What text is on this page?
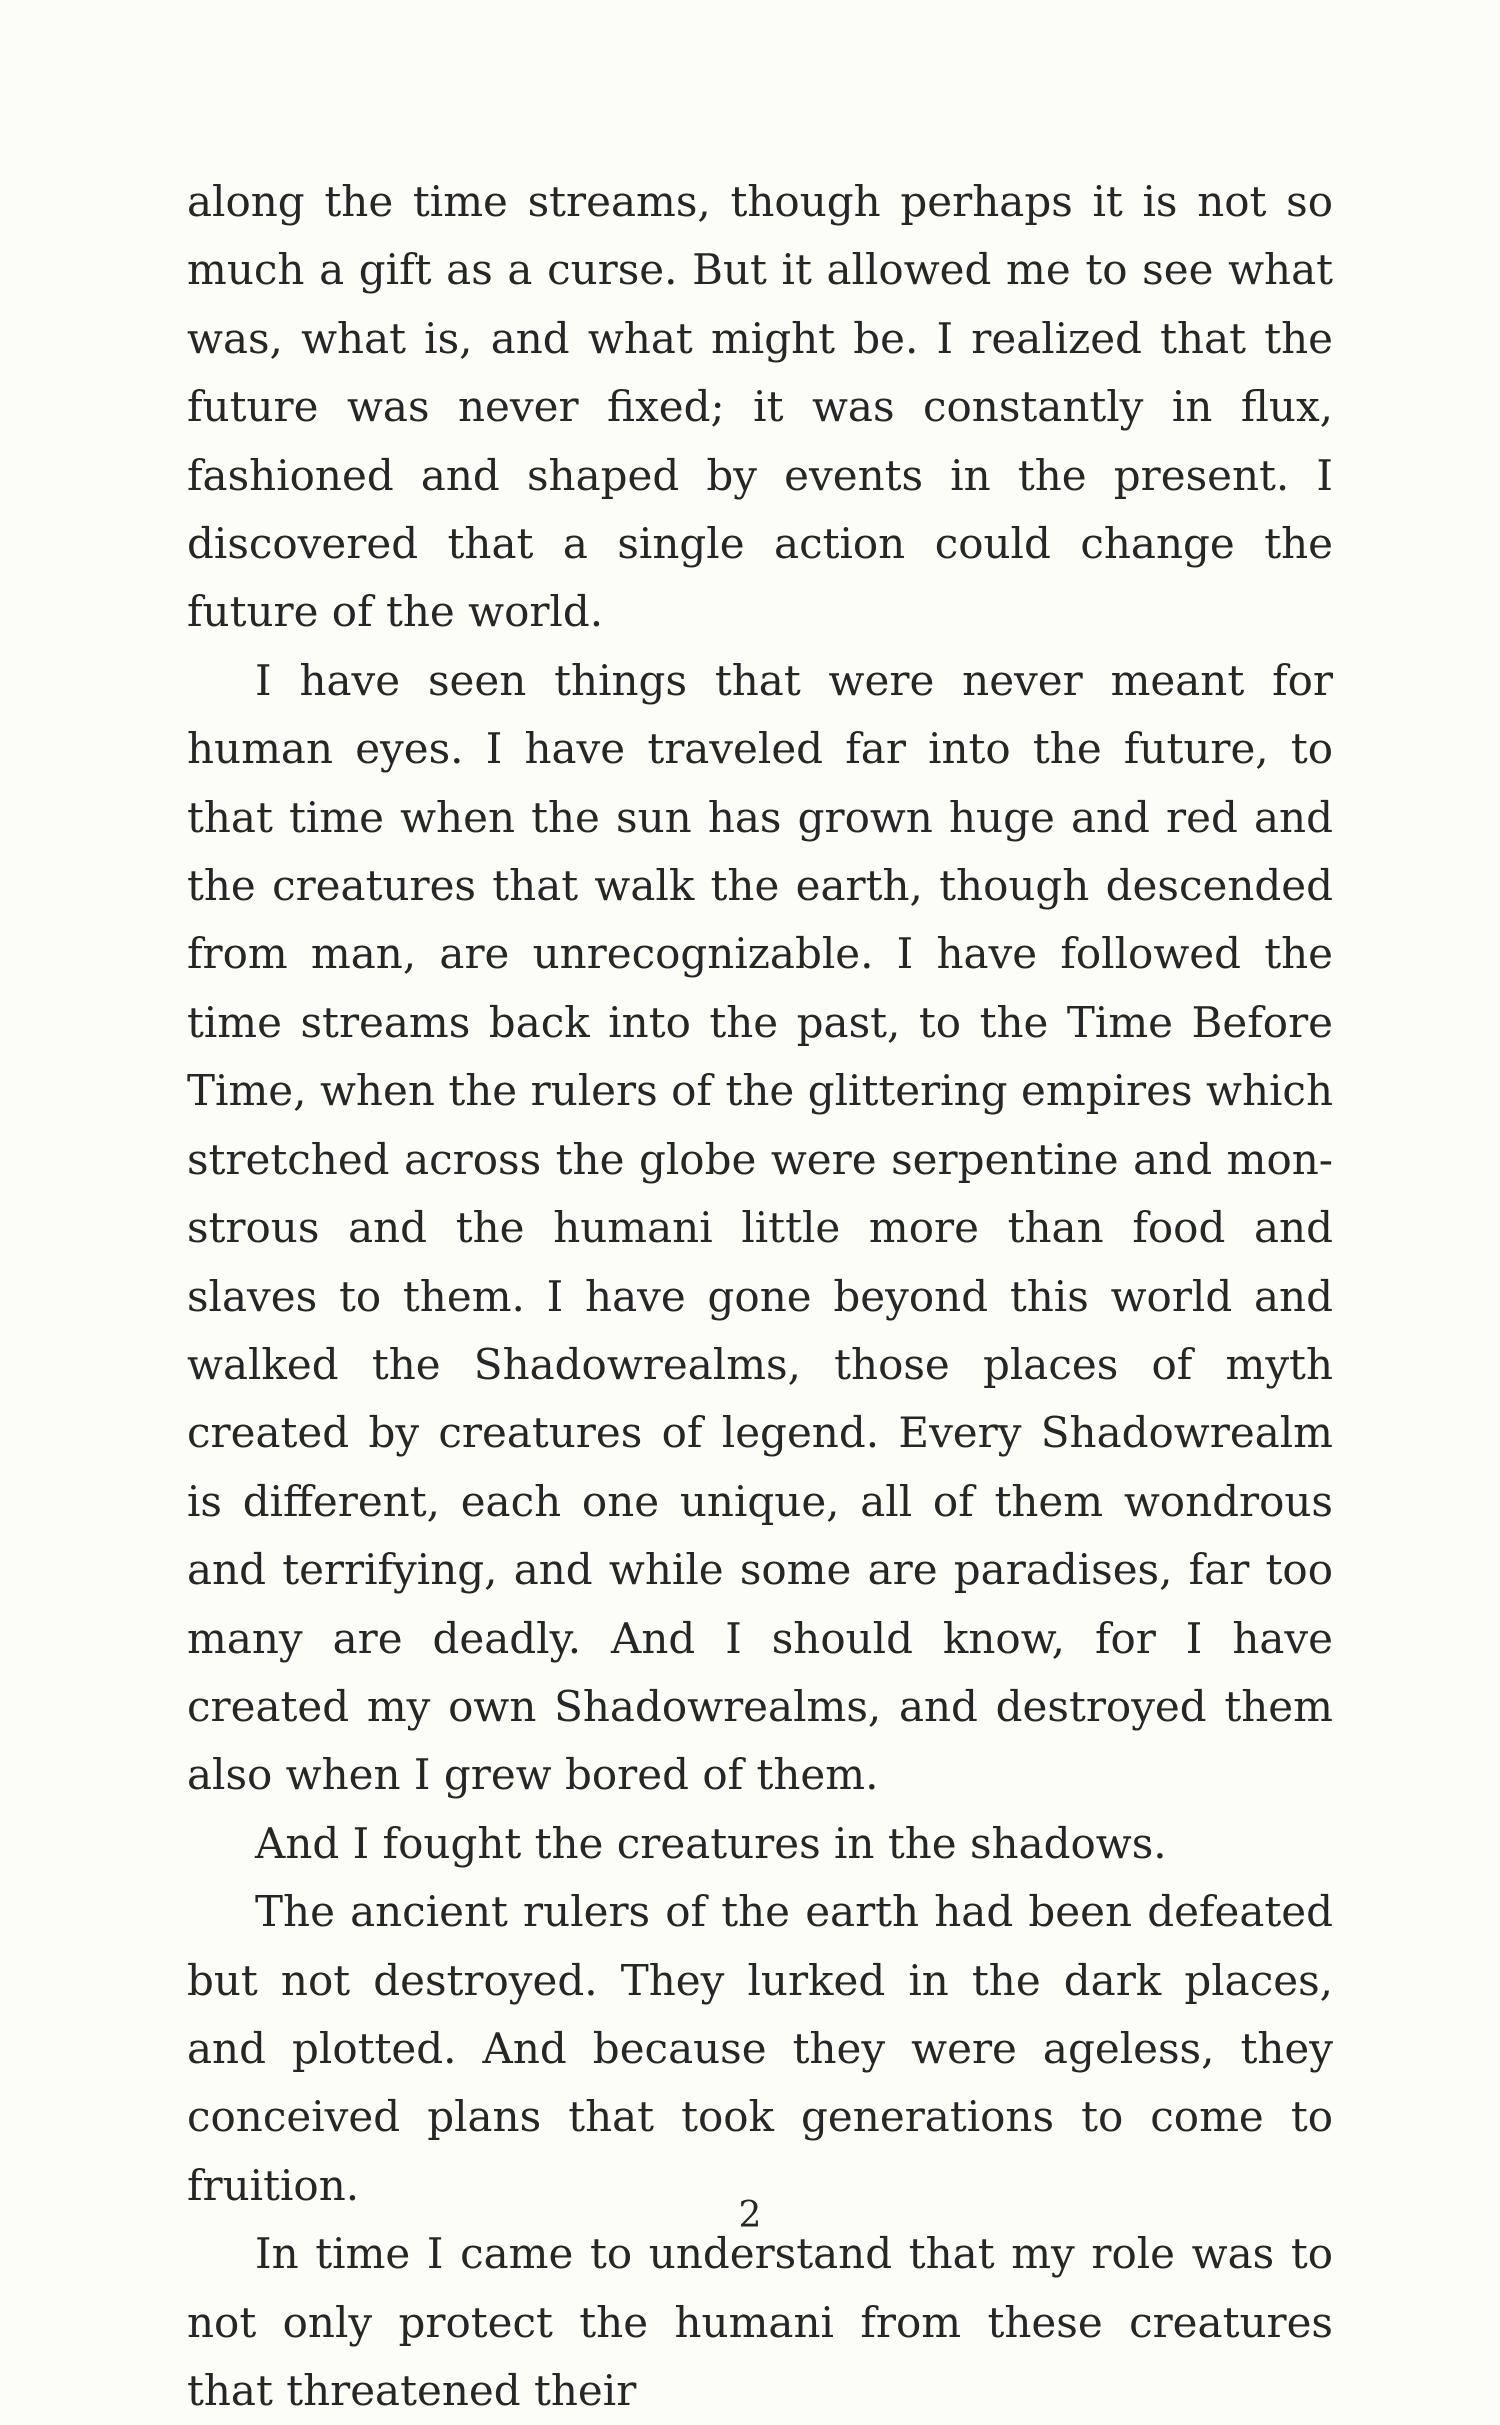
along the time streams, though perhaps it is not so much a gift as a curse. But it allowed me to see what was, what is, and what might be. I realized that the future was never fixed; it was constantly in flux, fashioned and shaped by events in the present. I discovered that a single action could change the future of the world.

I have seen things that were never meant for human eyes. I have traveled far into the future, to that time when the sun has grown huge and red and the creatures that walk the earth, though descended from man, are unrecognizable. I have followed the time streams back into the past, to the Time Before Time, when the rulers of the glittering empires which stretched across the globe were serpentine and monstrous and the humani little more than food and slaves to them. I have gone beyond this world and walked the Shadowrealms, those places of myth created by creatures of legend. Every Shadowrealm is different, each one unique, all of them wondrous and terrifying, and while some are paradises, far too many are deadly. And I should know, for I have created my own Shadowrealms, and destroyed them also when I grew bored of them.

And I fought the creatures in the shadows.

The ancient rulers of the earth had been defeated but not destroyed. They lurked in the dark places, and plotted. And because they were ageless, they conceived plans that took generations to come to fruition.

In time I came to understand that my role was to not only protect the humani from these creatures that threatened their

2
